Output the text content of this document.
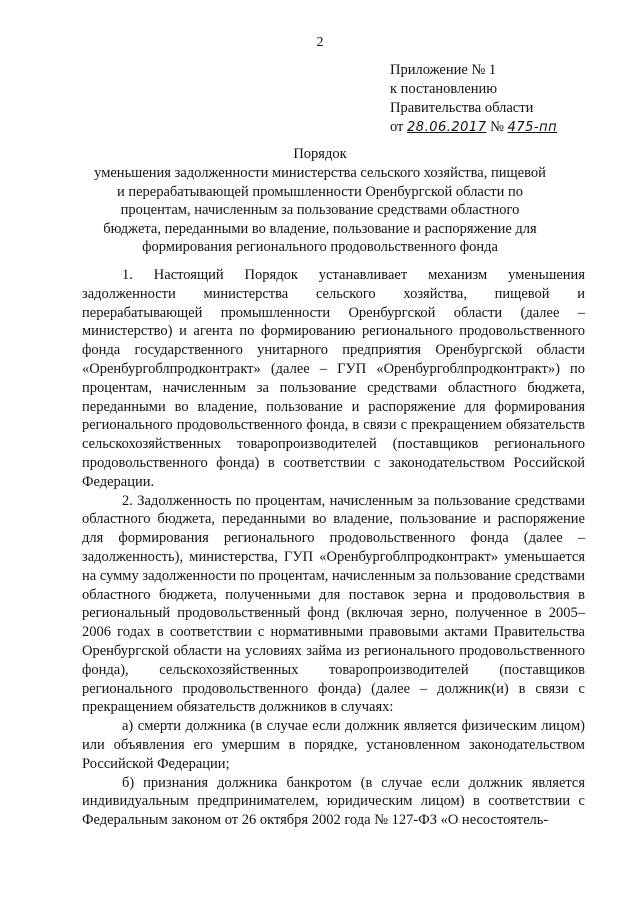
2
Приложение № 1
к постановлению
Правительства области
от 28.06.2017 № 475-пп
Порядок
уменьшения задолженности министерства сельского хозяйства, пищевой и перерабатывающей промышленности Оренбургской области по процентам, начисленным за пользование средствами областного бюджета, переданными во владение, пользование и распоряжение для формирования регионального продовольственного фонда

1. Настоящий Порядок устанавливает механизм уменьшения задолженности министерства сельского хозяйства, пищевой и перерабатывающей промышленности Оренбургской области (далее – министерство) и агента по формированию регионального продовольственного фонда государственного унитарного предприятия Оренбургской области «Оренбургоблпродконтракт» (далее – ГУП «Оренбургоблпродконтракт») по процентам, начисленным за пользование средствами областного бюджета, переданными во владение, пользование и распоряжение для формирования регионального продовольственного фонда, в связи с прекращением обязательств сельскохозяйственных товаропроизводителей (поставщиков регионального продовольственного фонда) в соответствии с законодательством Российской Федерации.

2. Задолженность по процентам, начисленным за пользование средствами областного бюджета, переданными во владение, пользование и распоряжение для формирования регионального продовольственного фонда (далее – задолженность), министерства, ГУП «Оренбургоблпродконтракт» уменьшается на сумму задолженности по процентам, начисленным за пользование средствами областного бюджета, полученными для поставок зерна и продовольствия в региональный продовольственный фонд (включая зерно, полученное в 2005–2006 годах в соответствии с нормативными правовыми актами Правительства Оренбургской области на условиях займа из регионального продовольственного фонда), сельскохозяйственных товаропроизводителей (поставщиков регионального продовольственного фонда) (далее – должник(и) в связи с прекращением обязательств должников в случаях:

а) смерти должника (в случае если должник является физическим лицом) или объявления его умершим в порядке, установленном законодательством Российской Федерации;

б) признания должника банкротом (в случае если должник является индивидуальным предпринимателем, юридическим лицом) в соответствии с Федеральным законом от 26 октября 2002 года № 127-ФЗ «О несостоятель-
